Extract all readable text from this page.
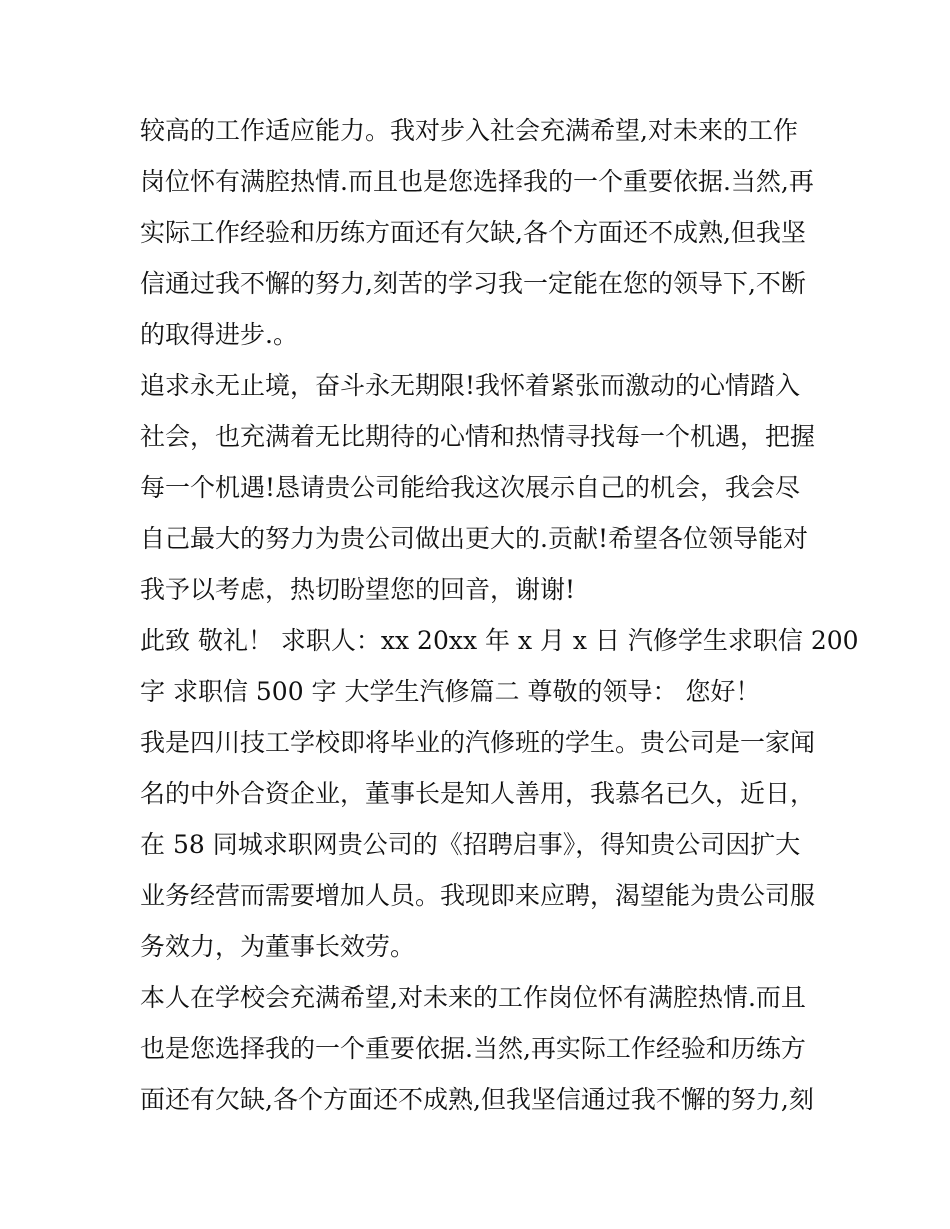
较高的工作适应能力。我对步入社会充满希望,对未来的工作
岗位怀有满腔热情.而且也是您选择我的一个重要依据.当然,再
实际工作经验和历练方面还有欠缺,各个方面还不成熟,但我坚
信通过我不懈的努力,刻苦的学习我一定能在您的领导下,不断
的取得进步.。
追求永无止境，奋斗永无期限!我怀着紧张而激动的心情踏入
社会，也充满着无比期待的心情和热情寻找每一个机遇，把握
每一个机遇!恳请贵公司能给我这次展示自己的机会，我会尽
自己最大的努力为贵公司做出更大的.贡献!希望各位领导能对
我予以考虑，热切盼望您的回音，谢谢!
此致 敬礼！ 求职人：xx 20xx 年 x 月 x 日 汽修学生求职信 200
字 求职信 500 字 大学生汽修篇二 尊敬的领导： 您好！
我是四川技工学校即将毕业的汽修班的学生。贵公司是一家闻
名的中外合资企业，董事长是知人善用，我慕名已久，近日，
在 58 同城求职网贵公司的《招聘启事》，得知贵公司因扩大
业务经营而需要增加人员。我现即来应聘，渴望能为贵公司服
务效力，为董事长效劳。
本人在学校会充满希望,对未来的工作岗位怀有满腔热情.而且
也是您选择我的一个重要依据.当然,再实际工作经验和历练方
面还有欠缺,各个方面还不成熟,但我坚信通过我不懈的努力,刻
